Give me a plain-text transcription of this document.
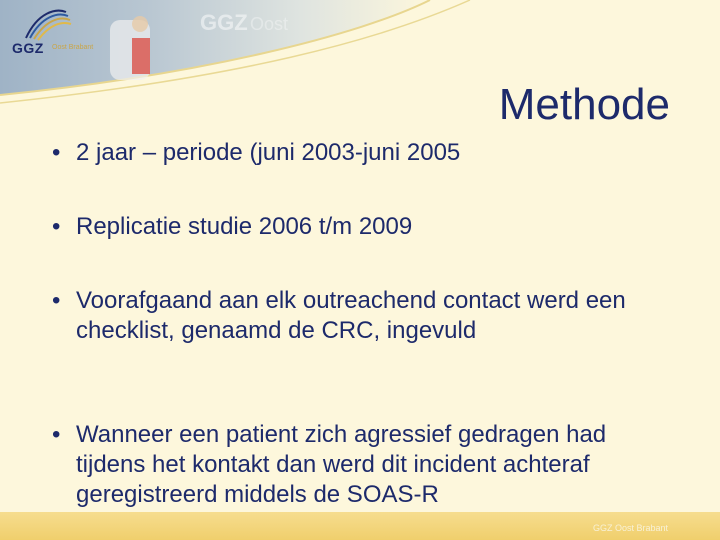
GGZ Oost
GGZ Oost Brabant
Methode
• 2 jaar – periode (juni 2003-juni 2005
• Replicatie studie 2006 t/m 2009
• Voorafgaand aan elk outreachend contact werd een checklist, genaamd de CRC, ingevuld
• Wanneer een patient zich agressief gedragen had tijdens het kontakt dan werd dit incident achteraf geregistreerd middels de SOAS-R
GGZ Oost Brabant
